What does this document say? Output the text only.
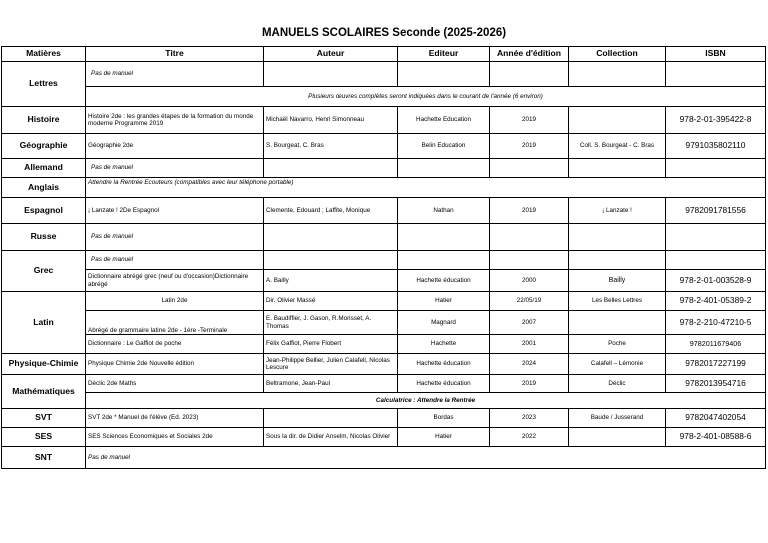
MANUELS SCOLAIRES Seconde (2025-2026)
Matières	Titre	Auteur	Editeur	Année d'édition	Collection	ISBN
Lettres	Pas de manuel					
	Plusieurs œuvres complètes seront indiquées dans le courant de l'année (6 environ)					
Histoire	Histoire 2de : les grandes étapes de la formation du monde moderne Programme 2019	Michaël Navarro, Henri Simonneau	Hachette Education	2019		978-2-01-395422-8
Géographie	Géographie 2de	S. Bourgeat, C. Bras	Belin Education	2019	Coll. S. Bourgeat - C. Bras	9791035802110
Allemand	Pas de manuel					
Anglais	Attendre la Rentrée Ecouteurs (compatibles avec leur téléphone portable)					
Espagnol	¡ Lanzate ! 2De Espagnol	Clemente, Edouard ; Laffite, Monique	Nathan	2019	¡ Lanzate !	9782091781556
Russe	Pas de manuel					
Grec	Pas de manuel					
	Dictionnaire abrégé grec (neuf ou d'occasion)Dictionnaire abrégé	A. Bailly	Hachette éducation	2000	Bailly	978-2-01-003528-9
Latin	Latin 2de	Dir. Olivier Massé	Hatier	22/05/19	Les Belles Lettres	978-2-401-05389-2
	Abrégé de grammaire latine 2de - 1ère -Terminale	E. Baudiffier, J. Gason, R.Morisset, A. Thomas	Magnard	2007		978-2-210-47210-5
	Dictionnaire : Le Gaffiot de poche	Félix Gaffiot, Pierre Flobert	Hachette	2001	Poche	9782011679406
Physique-Chimie	Physique Chimie 2de Nouvelle édition	Jean-Philippe Bellier, Julien Calafell, Nicolas Lescure	Hachette éducation	2024	Calafell – Lémonie	9782017227199
Mathématiques	Déclic 2de Maths	Beltramone, Jean-Paul	Hachette éducation	2019	Déclic	9782013954716
	Calculatrice : Attendre la Rentrée					
SVT	SVT 2de * Manuel de l'élève (Ed. 2023)		Bordas	2023	Baude / Jusserand	9782047402054
SES	SES Sciences Economiques et Sociales 2de	Sous la dir. de Didier Anselm, Nicolas Olivier	Hatier	2022		978-2-401-08588-6
SNT	Pas de manuel					
